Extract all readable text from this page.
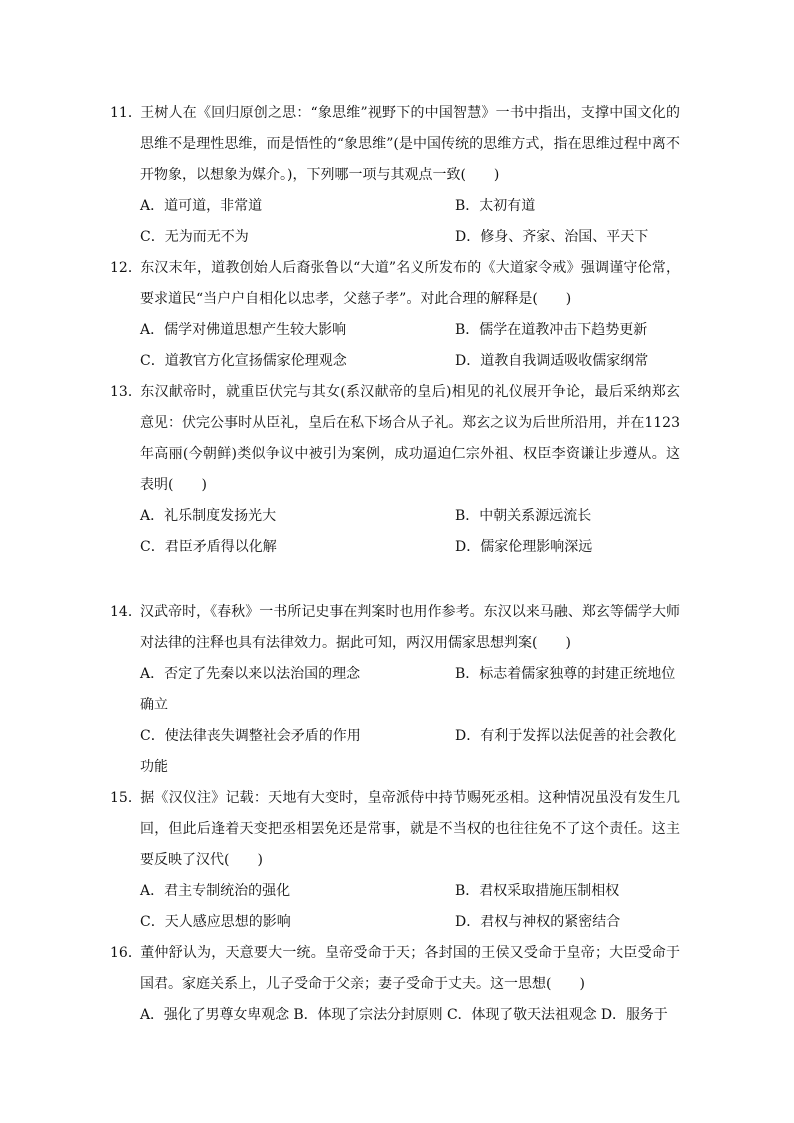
11．王树人在《回归原创之思：“象思维”视野下的中国智慧》一书中指出，支撑中国文化的思维不是理性思维，而是悟性的“象思维”(是中国传统的思维方式，指在思维过程中离不开物象，以想象为媒介。)，下列哪一项与其观点一致(　　)

A．道可道，非常道	B．太初有道
C．无为而无不为	D．修身、齐家、治国、平天下

12．东汉末年，道教创始人后裔张鲁以“大道”名义所发布的《大道家令戒》强调谨守伦常，要求道民“当户户自相化以忠孝，父慈子孝”。对此合理的解释是(　　)

A．儒学对佛道思想产生较大影响	B．儒学在道教冲击下趋势更新
C．道教官方化宣扬儒家伦理观念	D．道教自我调适吸收儒家纲常

13．东汉献帝时，就重臣伏完与其女(系汉献帝的皇后)相见的礼仪展开争论，最后采纳郑玄意见：伏完公事时从臣礼，皇后在私下场合从子礼。郑玄之议为后世所沿用，并在1123年高丽(今朝鲜)类似争议中被引为案例，成功逼迫仁宗外祖、权臣李资谦让步遵从。这表明(　　)

A．礼乐制度发扬光大	B．中朝关系源远流长
C．君臣矛盾得以化解	D．儒家伦理影响深远

14．汉武帝时，《春秋》一书所记史事在判案时也用作参考。东汉以来马融、郑玄等儒学大师对法律的注释也具有法律效力。据此可知，两汉用儒家思想判案(　　)

A．否定了先秦以来以法治国的理念	B．标志着儒家独尊的封建正统地位
确立
C．使法律丧失调整社会矛盾的作用	D．有利于发挥以法促善的社会教化
功能

15．据《汉仪注》记载：天地有大变时，皇帝派侍中持节赐死丞相。这种情况虽没有发生几回，但此后逢着天变把丞相罢免还是常事，就是不当权的也往往免不了这个责任。这主要反映了汉代(　　)

A．君主专制统治的强化	B．君权采取措施压制相权
C．天人感应思想的影响	D．君权与神权的紧密结合

16．董仲舒认为，天意要大一统。皇帝受命于天；各封国的王侯又受命于皇帝；大臣受命于国君。家庭关系上，儿子受命于父亲；妻子受命于丈夫。这一思想(　　)

A．强化了男尊女卑观念 B．体现了宗法分封原则 C．体现了敬天法祖观念 D．服务于
